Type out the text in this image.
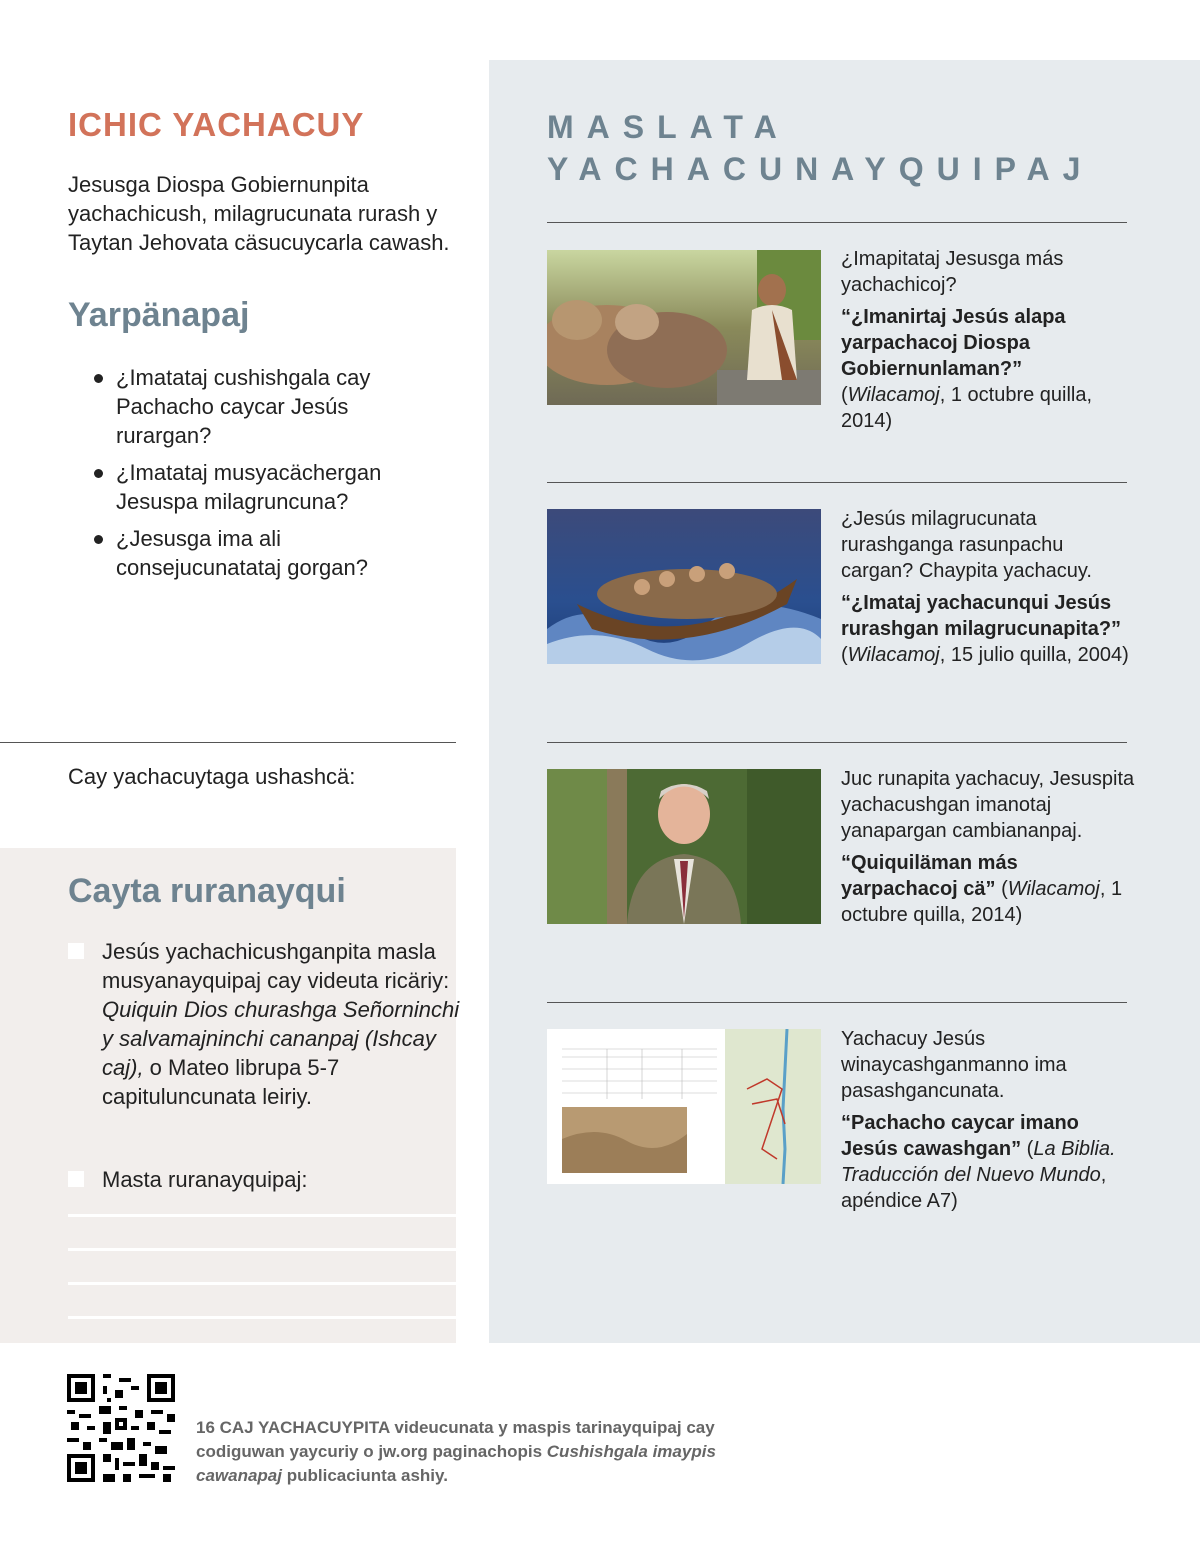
ICHIC YACHACUY
Jesusga Diospa Gobiernunpita yachachicush, milagrucunata rurash y Taytan Jehovata cäsucuycarla cawash.
Yarpänapaj
¿Imatataj cushishgala cay Pachacho caycar Jesús rurargan?
¿Imatataj musyacächergan Jesuspa milagruncuna?
¿Jesusga ima ali consejucunatataj gorgan?
Cay yachacuytaga ushashcä:
Cayta ruranayqui
Jesús yachachicushganpita masla musyanayquipaj cay videuta ricäriy: Quiquin Dios churashga Señorninchi y salvamajninchi cananpaj (Ishcay caj), o Mateo librupa 5-7 capituluncunata leiriy.
Masta ruranayquipaj:
MASLATA
YACHACUNAYQUIPAJ
¿Imapitataj Jesusga más yachachicoj?
“¿Imanirtaj Jesús alapa yarpachacoj Diospa Gobiernunlaman?”
(Wilacamoj, 1 octubre quilla, 2014)
¿Jesús milagrucunata rurashganga rasunpachu cargan? Chaypita yachacuy.
“¿Imataj yachacunqui Jesús rurashgan milagrucunapita?”
(Wilacamoj, 15 julio quilla, 2004)
Juc runapita yachacuy, Jesuspita yachacushgan imanotaj yanapargan cambiananpaj.
“Quiquiläman más yarpachacoj cä” (Wilacamoj, 1 octubre quilla, 2014)
Yachacuy Jesús winaycashganmanno ima pasashgancunata.
“Pachacho caycar imano Jesús cawashgan” (La Biblia. Traducción del Nuevo Mundo, apéndice A7)
16 CAJ YACHACUYPITA videucunata y maspis tarinayquipaj cay codiguwan yaycuriy o jw.org paginachopis Cushishgala imaypis cawanapaj publicaciunta ashiy.
